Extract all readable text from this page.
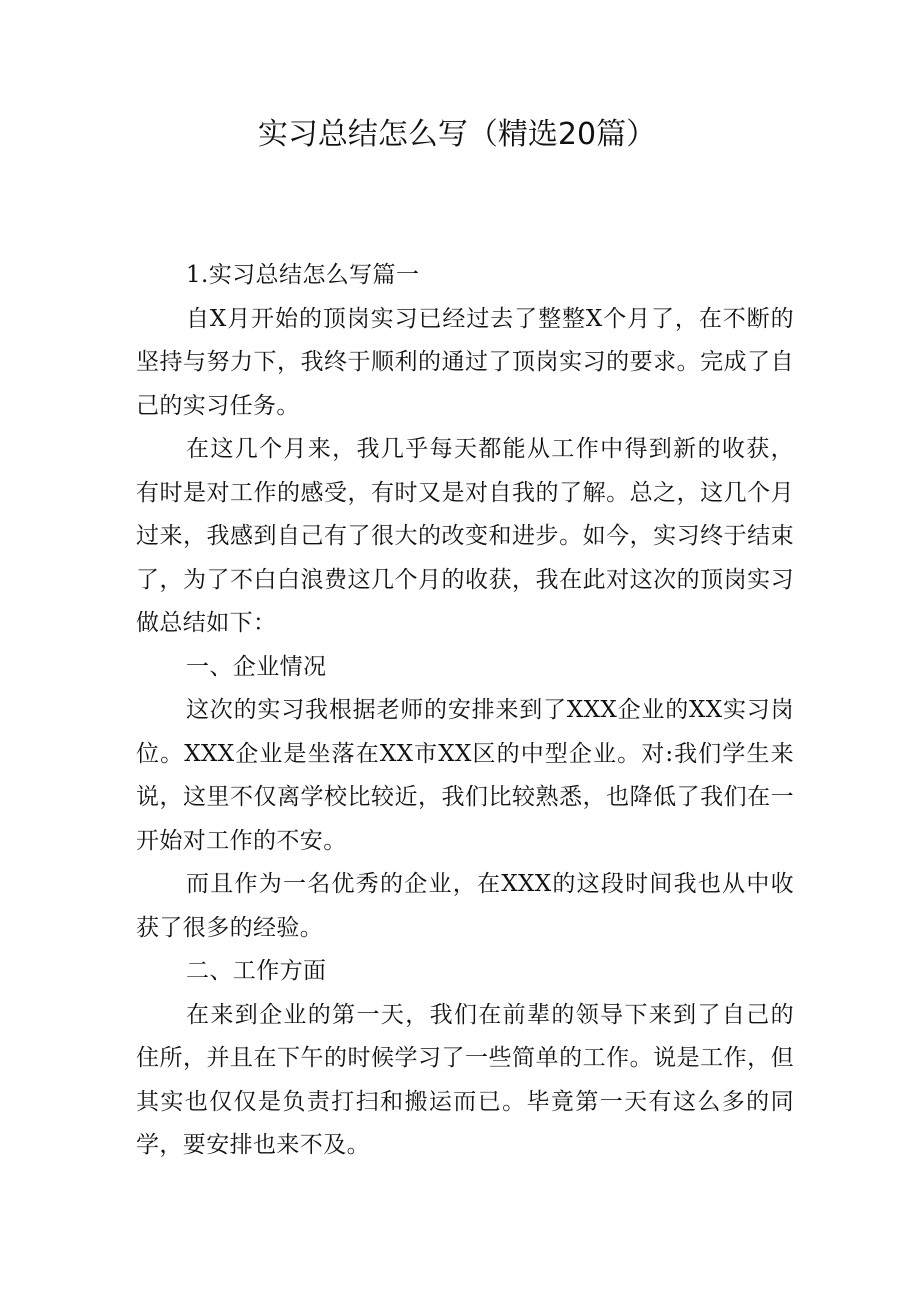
实习总结怎么写（精选20篇）

1.实习总结怎么写篇一

自X月开始的顶岗实习已经过去了整整X个月了，在不断的坚持与努力下，我终于顺利的通过了顶岗实习的要求。完成了自己的实习任务。

在这几个月来，我几乎每天都能从工作中得到新的收获，有时是对工作的感受，有时又是对自我的了解。总之，这几个月过来，我感到自己有了很大的改变和进步。如今，实习终于结束了，为了不白白浪费这几个月的收获，我在此对这次的顶岗实习做总结如下：

一、企业情况

这次的实习我根据老师的安排来到了XXX企业的XX实习岗位。XXX企业是坐落在XX市XX区的中型企业。对:我们学生来说，这里不仅离学校比较近，我们比较熟悉，也降低了我们在一开始对工作的不安。

而且作为一名优秀的企业，在XXX的这段时间我也从中收获了很多的经验。

二、工作方面

在来到企业的第一天，我们在前辈的领导下来到了自己的住所，并且在下午的时候学习了一些简单的工作。说是工作，但其实也仅仅是负责打扫和搬运而已。毕竟第一天有这么多的同学，要安排也来不及。
